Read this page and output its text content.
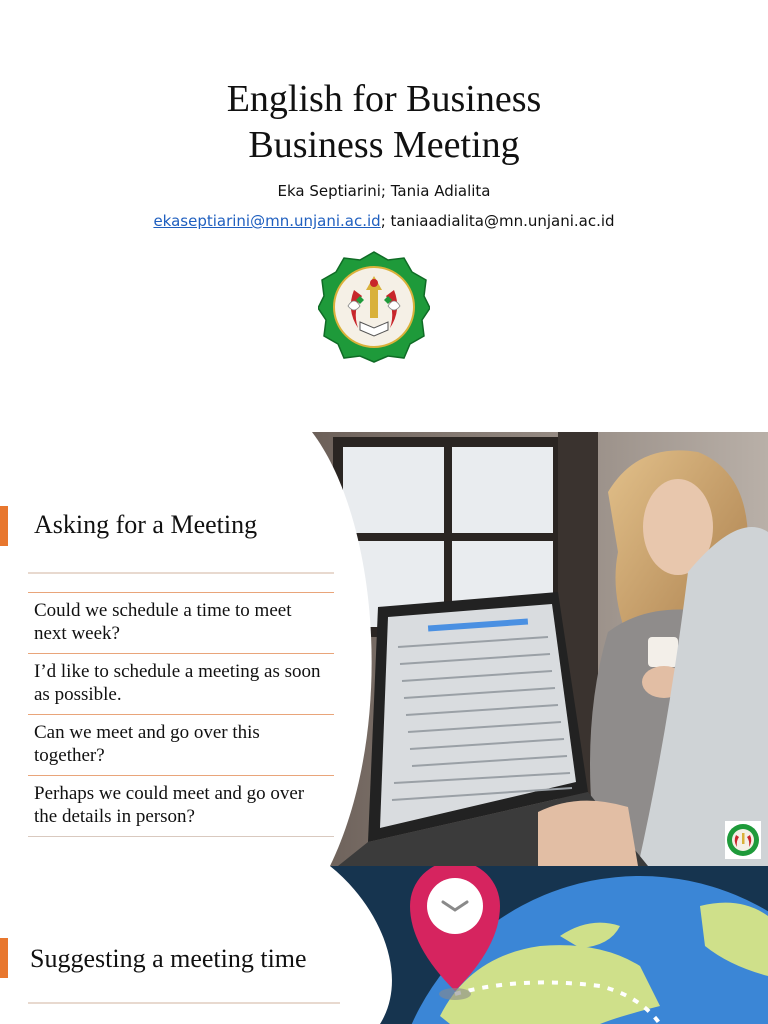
English for Business
Business Meeting
Eka Septiarini; Tania Adialita
ekaseptiarini@mn.unjani.ac.id; taniaadialita@mn.unjani.ac.id
Asking for a Meeting
Could we schedule a time to meet next week?
I’d like to schedule a meeting as soon as possible.
Can we meet and go over this together?
Perhaps we could meet and go over the details in person?
Suggesting a meeting time
